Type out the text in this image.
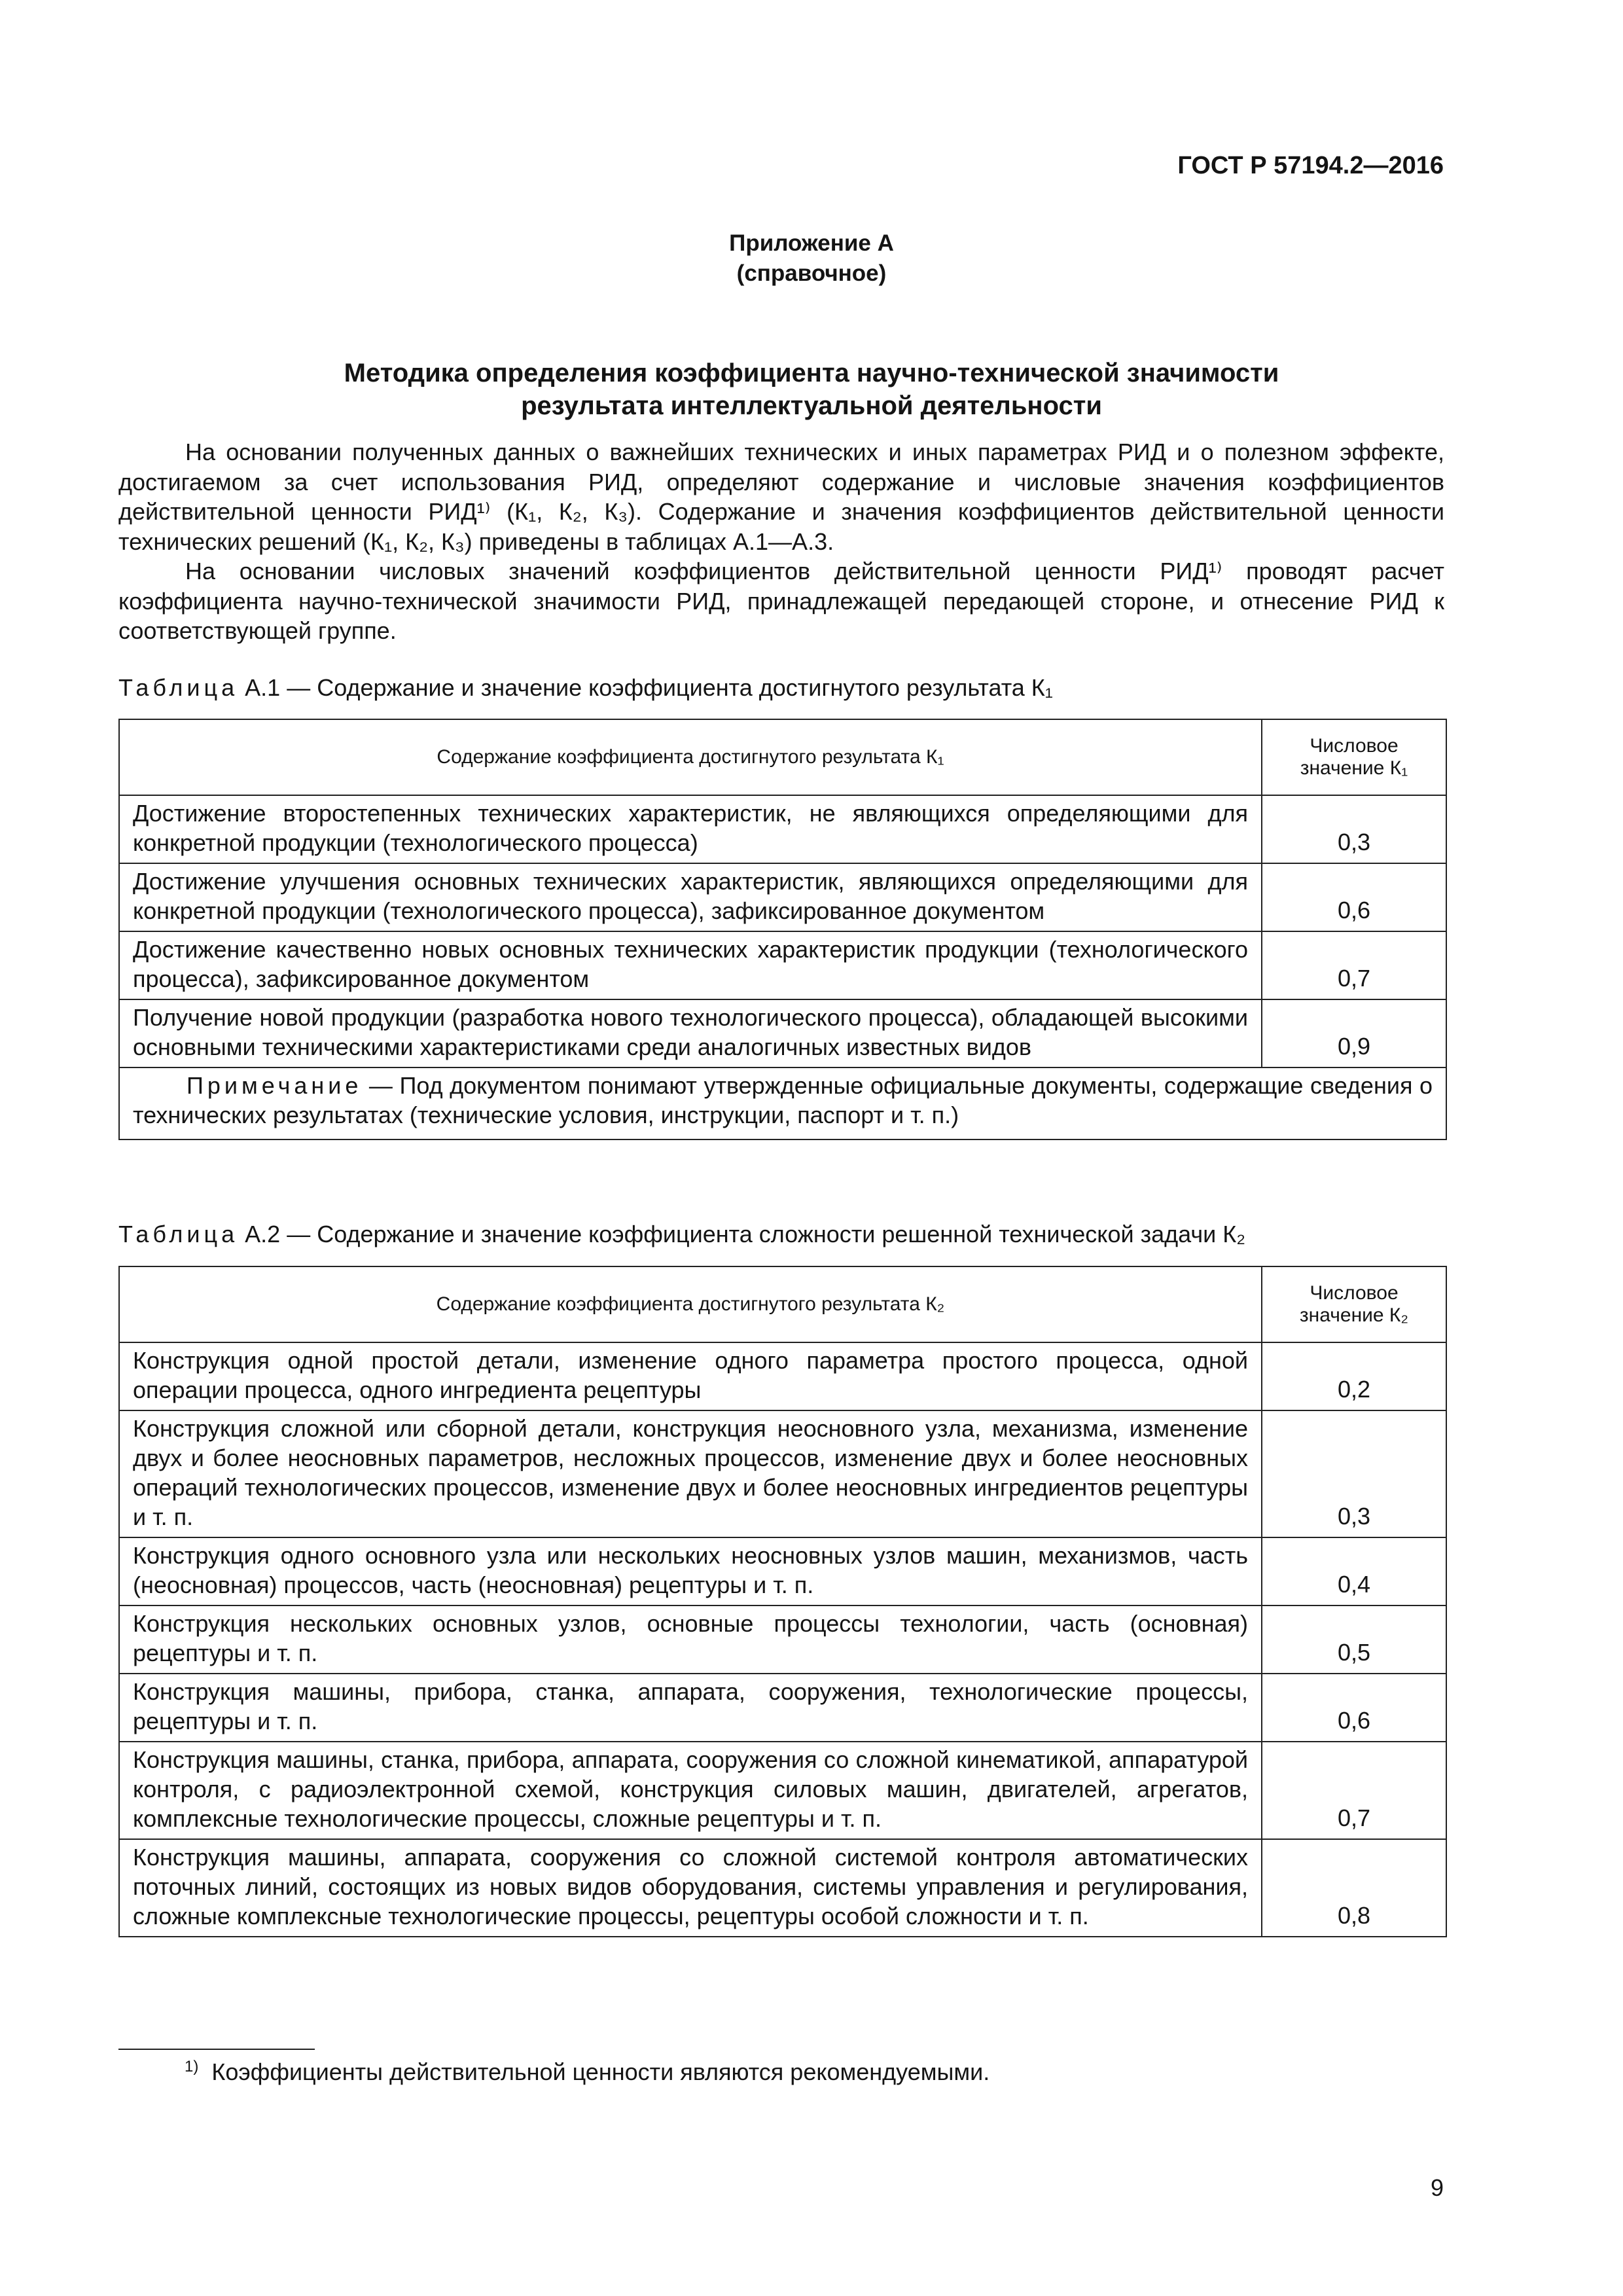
ГОСТ Р 57194.2—2016
Приложение А
(справочное)
Методика определения коэффициента научно-технической значимости
результата интеллектуальной деятельности

На основании полученных данных о важнейших технических и иных параметрах РИД и о полезном эффекте, достигаемом за счет использования РИД, определяют содержание и числовые значения коэффициентов действительной ценности РИД¹⁾ (К₁, К₂, К₃). Содержание и значения коэффициентов действительной ценности технических решений (К₁, К₂, К₃) приведены в таблицах А.1—А.3.

На основании числовых значений коэффициентов действительной ценности РИД¹⁾ проводят расчет коэффициента научно-технической значимости РИД, принадлежащей передающей стороне, и отнесение РИД к соответствующей группе.

Таблица А.1 — Содержание и значение коэффициента достигнутого результата К₁
Содержание коэффициента достигнутого результата К₁	Числовое значение К₁
Достижение второстепенных технических характеристик, не являющихся определяющими для конкретной продукции (технологического процесса)	0,3
Достижение улучшения основных технических характеристик, являющихся определяющими для конкретной продукции (технологического процесса), зафиксированное документом	0,6
Достижение качественно новых основных технических характеристик продукции (технологического процесса), зафиксированное документом	0,7
Получение новой продукции (разработка нового технологического процесса), обладающей высокими основными техническими характеристиками среди аналогичных известных видов	0,9
Примечание — Под документом понимают утвержденные официальные документы, содержащие сведения о технических результатах (технические условия, инструкции, паспорт и т. п.)	
Таблица А.2 — Содержание и значение коэффициента сложности решенной технической задачи К₂
Содержание коэффициента достигнутого результата К₂	Числовое значение К₂
Конструкция одной простой детали, изменение одного параметра простого процесса, одной операции процесса, одного ингредиента рецептуры	0,2
Конструкция сложной или сборной детали, конструкция неосновного узла, механизма, изменение двух и более неосновных параметров, несложных процессов, изменение двух и более неосновных операций технологических процессов, изменение двух и более неосновных ингредиентов рецептуры и т. п.	0,3
Конструкция одного основного узла или нескольких неосновных узлов машин, механизмов, часть (неосновная) процессов, часть (неосновная) рецептуры и т. п.	0,4
Конструкция нескольких основных узлов, основные процессы технологии, часть (основная) рецептуры и т. п.	0,5
Конструкция машины, прибора, станка, аппарата, сооружения, технологические процессы, рецептуры и т. п.	0,6
Конструкция машины, станка, прибора, аппарата, сооружения со сложной кинематикой, аппаратурой контроля, с радиоэлектронной схемой, конструкция силовых машин, двигателей, агрегатов, комплексные технологические процессы, сложные рецептуры и т. п.	0,7
Конструкция машины, аппарата, сооружения со сложной системой контроля автоматических поточных линий, состоящих из новых видов оборудования, системы управления и регулирования, сложные комплексные технологические процессы, рецептуры особой сложности и т. п.	0,8
$^{1)}$ Коэффициенты действительной ценности являются рекомендуемыми.
9
